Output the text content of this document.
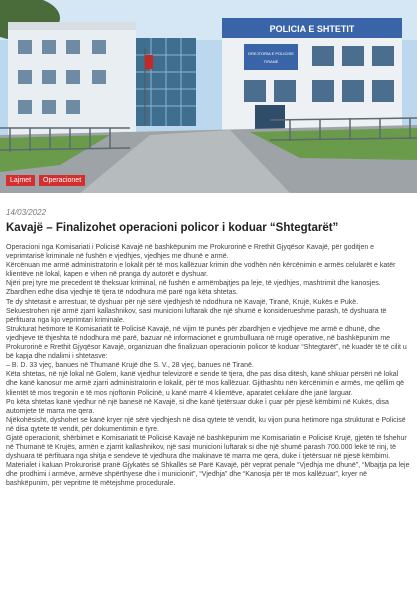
POLICIA E SHTETIT
DREJTORIA E POLICISE
TIRANE
Lajmet	Operacionet
14/03/2022
Kavajë – Finalizohet operacioni policor i koduar “Shtegtarët”

Operacioni nga Komisariati i Policisë Kavajë në bashkëpunim me Prokurorinë e Rrethit Gjyqësor Kavajë, për goditjen e veprimtarisë kriminale në fushën e vjedhjes, vjedhjes me dhunë e armë.

Kërcënuan me armë administratorin e lokalit për të mos kallëzuar krimin dhe vodhën nën kërcënimin e armës celularët e katër klientëve në lokal, kapen e vihen në pranga dy autorët e dyshuar.

Njëri prej tyre me precedent të theksuar kriminal, në fushën e armëmbajtjes pa leje, të vjedhjes, mashtrimit dhe kanosjes.

Zbardhen edhe disa vjedhje të tjera të ndodhura më parë nga këta shtetas.

Te dy shtetasit e arrestuar, të dyshuar për një sërë vjedhjesh të ndodhura në Kavajë, Tiranë, Krujë, Kukës e Pukë.

Sekuestrohen një armë zjarri kallashnikov, sasi municioni luftarak dhe një shumë e konsiderueshme parash, të dyshuara të përfituara nga kjo veprimtari kriminale.

Strukturat hetimore të Komisariatit të Policisë Kavajë, në vijim të punës për zbardhjen e vjedhjeve me armë e dhunë, dhe vjedhjeve të thjeshta të ndodhura më parë, bazuar në informacionet e grumbulluara në rrugë operative, në bashkëpunim me Prokurorinë e Rrethit Gjyqësor Kavajë, organizuan dhe finalizuan operacionin policor të koduar “Shtegtarët”, në kuadër të të cilit u bë kapja dhe ndalimi i shtetasve:

– B. D. 33 vjeç, banues në Thumanë Krujë dhe S. V., 28 vjeç, banues në Tiranë.

Këta shtetas, në një lokal në Golem, kanë vjedhur televizorë e sende të tjera, dhe pas disa ditësh, kanë shkuar përsëri në lokal dhe kanë kanosur me armë zjarri administratorin e lokalit, për të mos kallëzuar. Gjithashtu nën kërcënimin e armës, me qëllim që klientët të mos tregonin e të mos njoftonin Policinë, u kanë marrë 4 klientëve, aparatet celulare dhe janë larguar.

Po këta shtetas kanë vjedhur në një banesë në Kavajë, si dhe kanë tjetërsuar duke i çuar për pjesë këmbimi në Kukës, disa automjete të marra me qera.

Njëkohësisht, dyshohet se kanë kryer një sërë vjedhjesh në disa qytete të vendit, ku vijon puna hetimore nga strukturat e Policisë në disa qytete të vendit, për dokumentimin e tyre.

Gjatë operacionit, shërbimet e Komisariatit të Policisë Kavajë në bashkëpunim me Komisariatin e Policisë Krujë, gjetën të fshehur në Thumanë të Krujës, armën e zjarrit kallashnikov, një sasi municioni luftarak si dhe një shumë parash 700.000 lekë të rinj, të dyshuara të përfituara nga shitja e sendeve të vjedhura dhe makinave të marra me qera, duke i tjetërsuar në pjesë këmbimi.

Materialet i kaluan Prokurorisë pranë Gjykatës së Shkallës së Parë Kavajë, për veprat penale “Vjedhja me dhunë”, “Mbajtja pa leje dhe prodhimi i armëve, armëve shpërthyese dhe i municionit”, “Vjedhja” dhe “Kanosja për të mos kallëzuar”, kryer në bashkëpunim, për vepritme të mëtejshme procedurale.
